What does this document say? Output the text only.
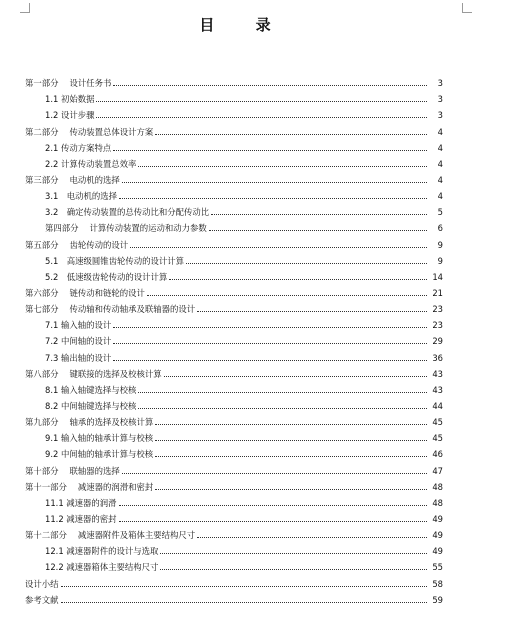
目 录
第一部分　 设计任务书	3
1.1 初始数据	3
1.2 设计步骤	3
第二部分　 传动装置总体设计方案	4
2.1 传动方案特点	4
2.2 计算传动装置总效率	4
第三部分　 电动机的选择	4
3.1　电动机的选择	4
3.2　确定传动装置的总传动比和分配传动比	5
第四部分　 计算传动装置的运动和动力参数	6
第五部分　 齿轮传动的设计	9
5.1　高速级圆锥齿轮传动的设计计算	9
5.2　低速级齿轮传动的设计计算	14
第六部分　 链传动和链轮的设计	21
第七部分　 传动轴和传动轴承及联轴器的设计	23
7.1 输入轴的设计	23
7.2 中间轴的设计	29
7.3 输出轴的设计	36
第八部分　 键联接的选择及校核计算	43
8.1 输入轴键选择与校核	43
8.2 中间轴键选择与校核	44
第九部分　 轴承的选择及校核计算	45
9.1 输入轴的轴承计算与校核	45
9.2 中间轴的轴承计算与校核	46
第十部分　 联轴器的选择	47
第十一部分　 减速器的润滑和密封	48
11.1 减速器的润滑	48
11.2 减速器的密封	49
第十二部分　 减速器附件及箱体主要结构尺寸	49
12.1 减速器附件的设计与选取	49
12.2 减速器箱体主要结构尺寸	55
设计小结	58
参考文献	59
